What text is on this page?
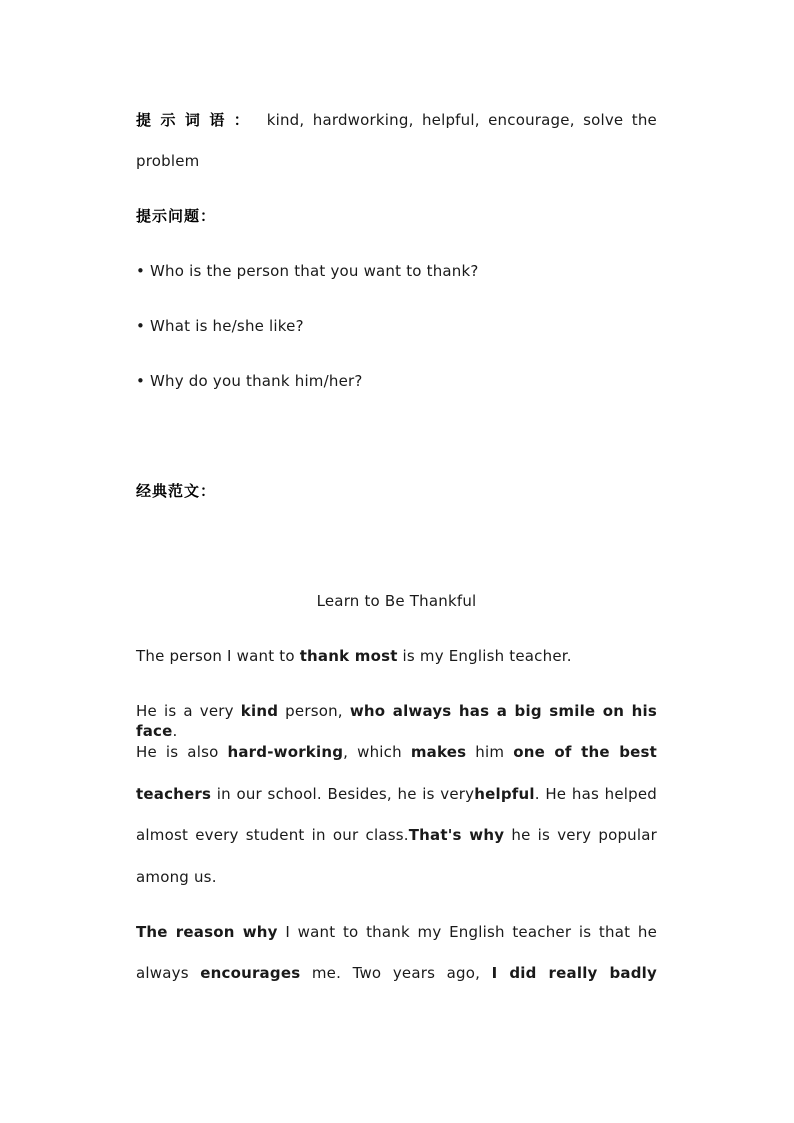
提示词语： kind, hardworking, helpful, encourage, solve the
problem
提示问题：
• Who is the person that you want to thank?
• What is he/she like?
• Why do you thank him/her?
经典范文：
Learn to Be Thankful
The person I want to thank most is my English teacher.
He is a very kind person, who always has a big smile on his face.
He is also hard-working, which makes him one of the best
teachers in our school. Besides, he is veryhelpful. He has helped
almost every student in our class.That's why he is very popular
among us.
The reason why I want to thank my English teacher is that he
always encourages me. Two years ago, I did really badly
